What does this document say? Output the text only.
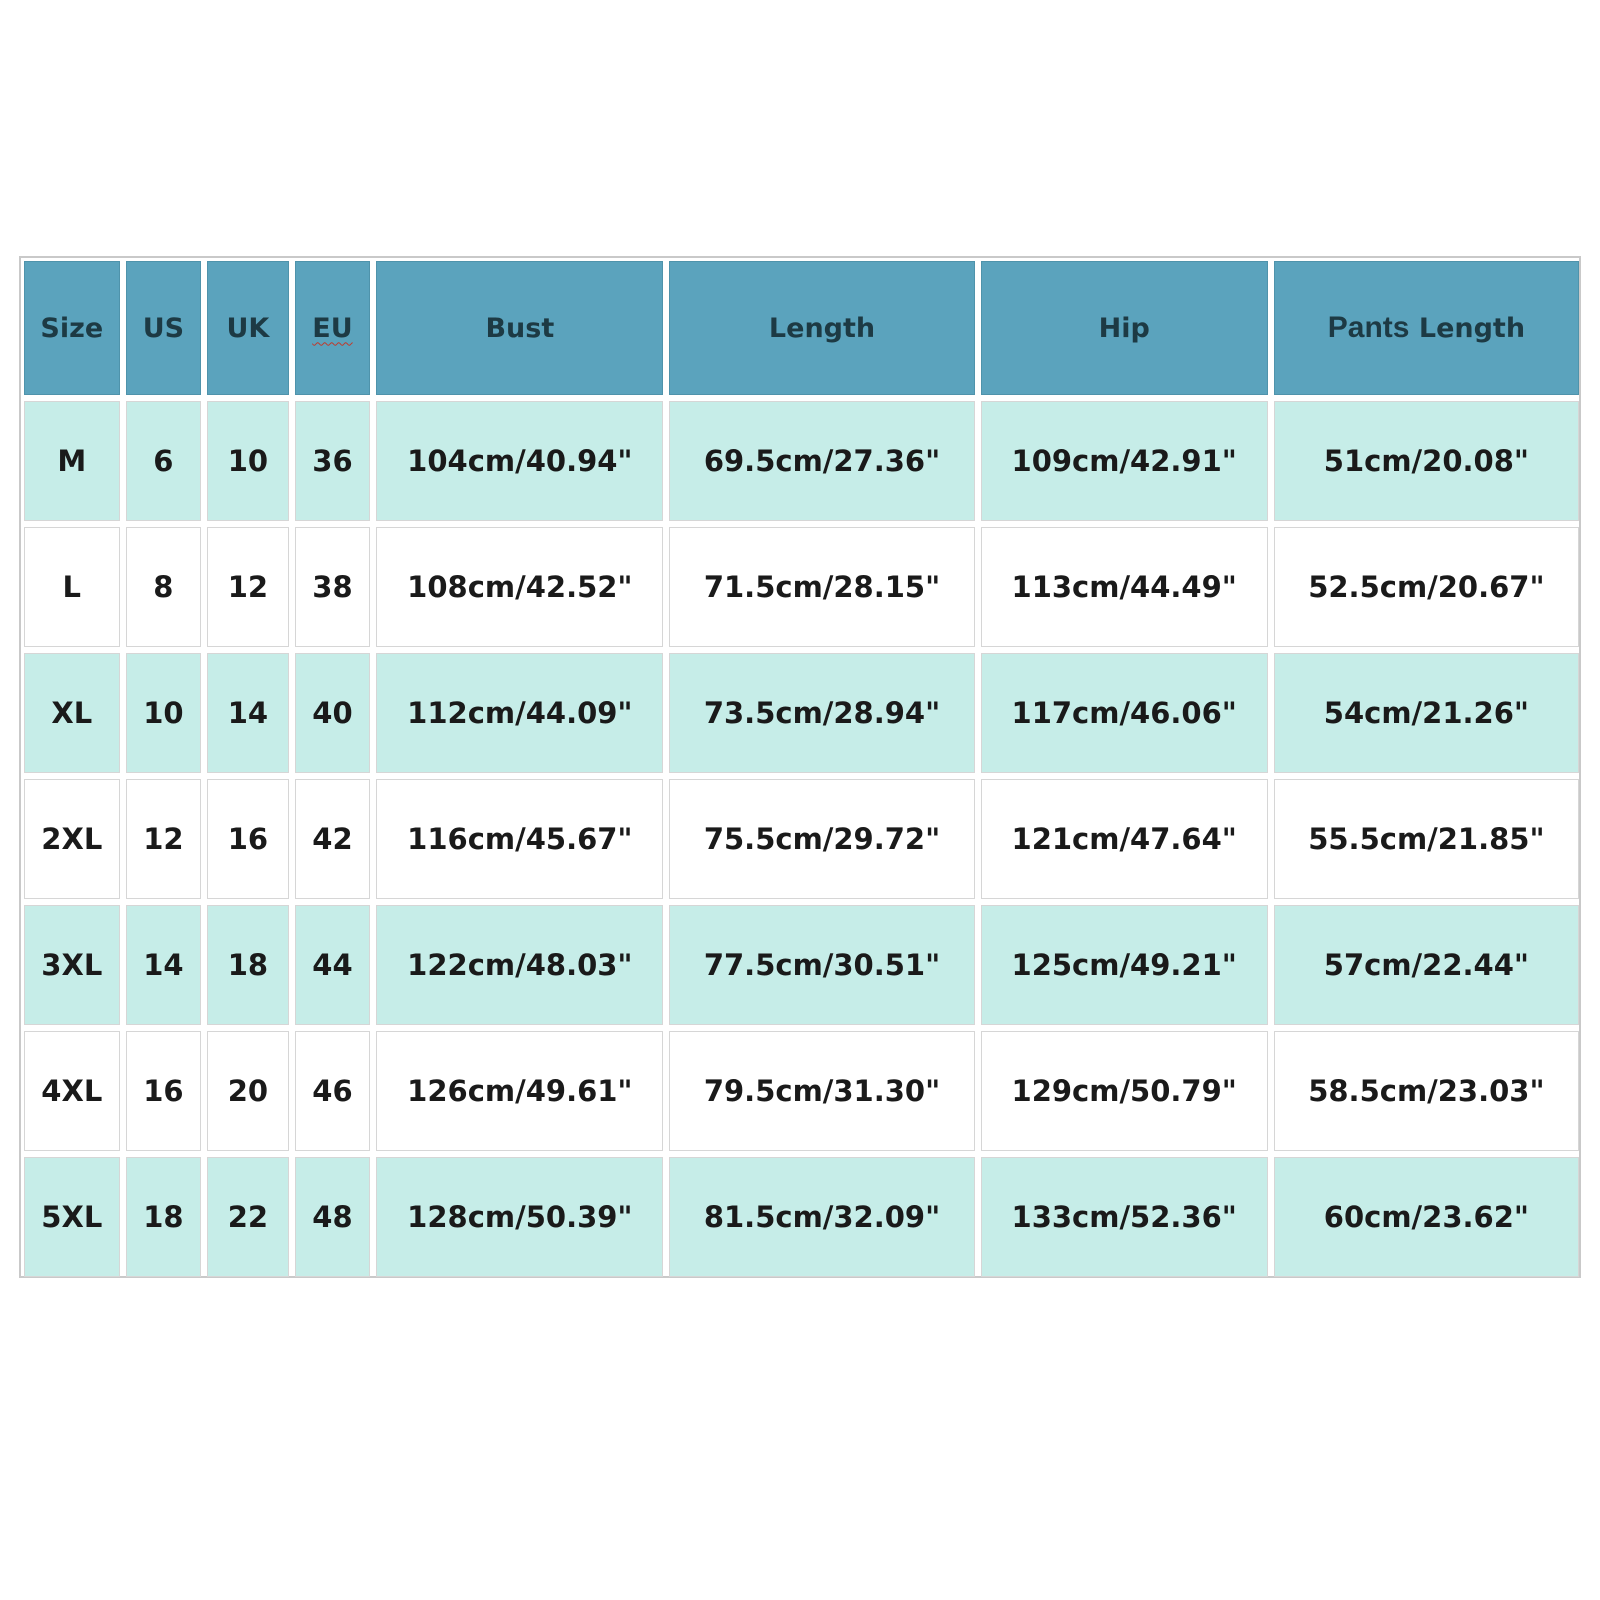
Size	US	UK	EU	Bust	Length	Hip	Pants Length
M	6	10	36	104cm/40.94"	69.5cm/27.36"	109cm/42.91"	51cm/20.08"
L	8	12	38	108cm/42.52"	71.5cm/28.15"	113cm/44.49"	52.5cm/20.67"
XL	10	14	40	112cm/44.09"	73.5cm/28.94"	117cm/46.06"	54cm/21.26"
2XL	12	16	42	116cm/45.67"	75.5cm/29.72"	121cm/47.64"	55.5cm/21.85"
3XL	14	18	44	122cm/48.03"	77.5cm/30.51"	125cm/49.21"	57cm/22.44"
4XL	16	20	46	126cm/49.61"	79.5cm/31.30"	129cm/50.79"	58.5cm/23.03"
5XL	18	22	48	128cm/50.39"	81.5cm/32.09"	133cm/52.36"	60cm/23.62"
